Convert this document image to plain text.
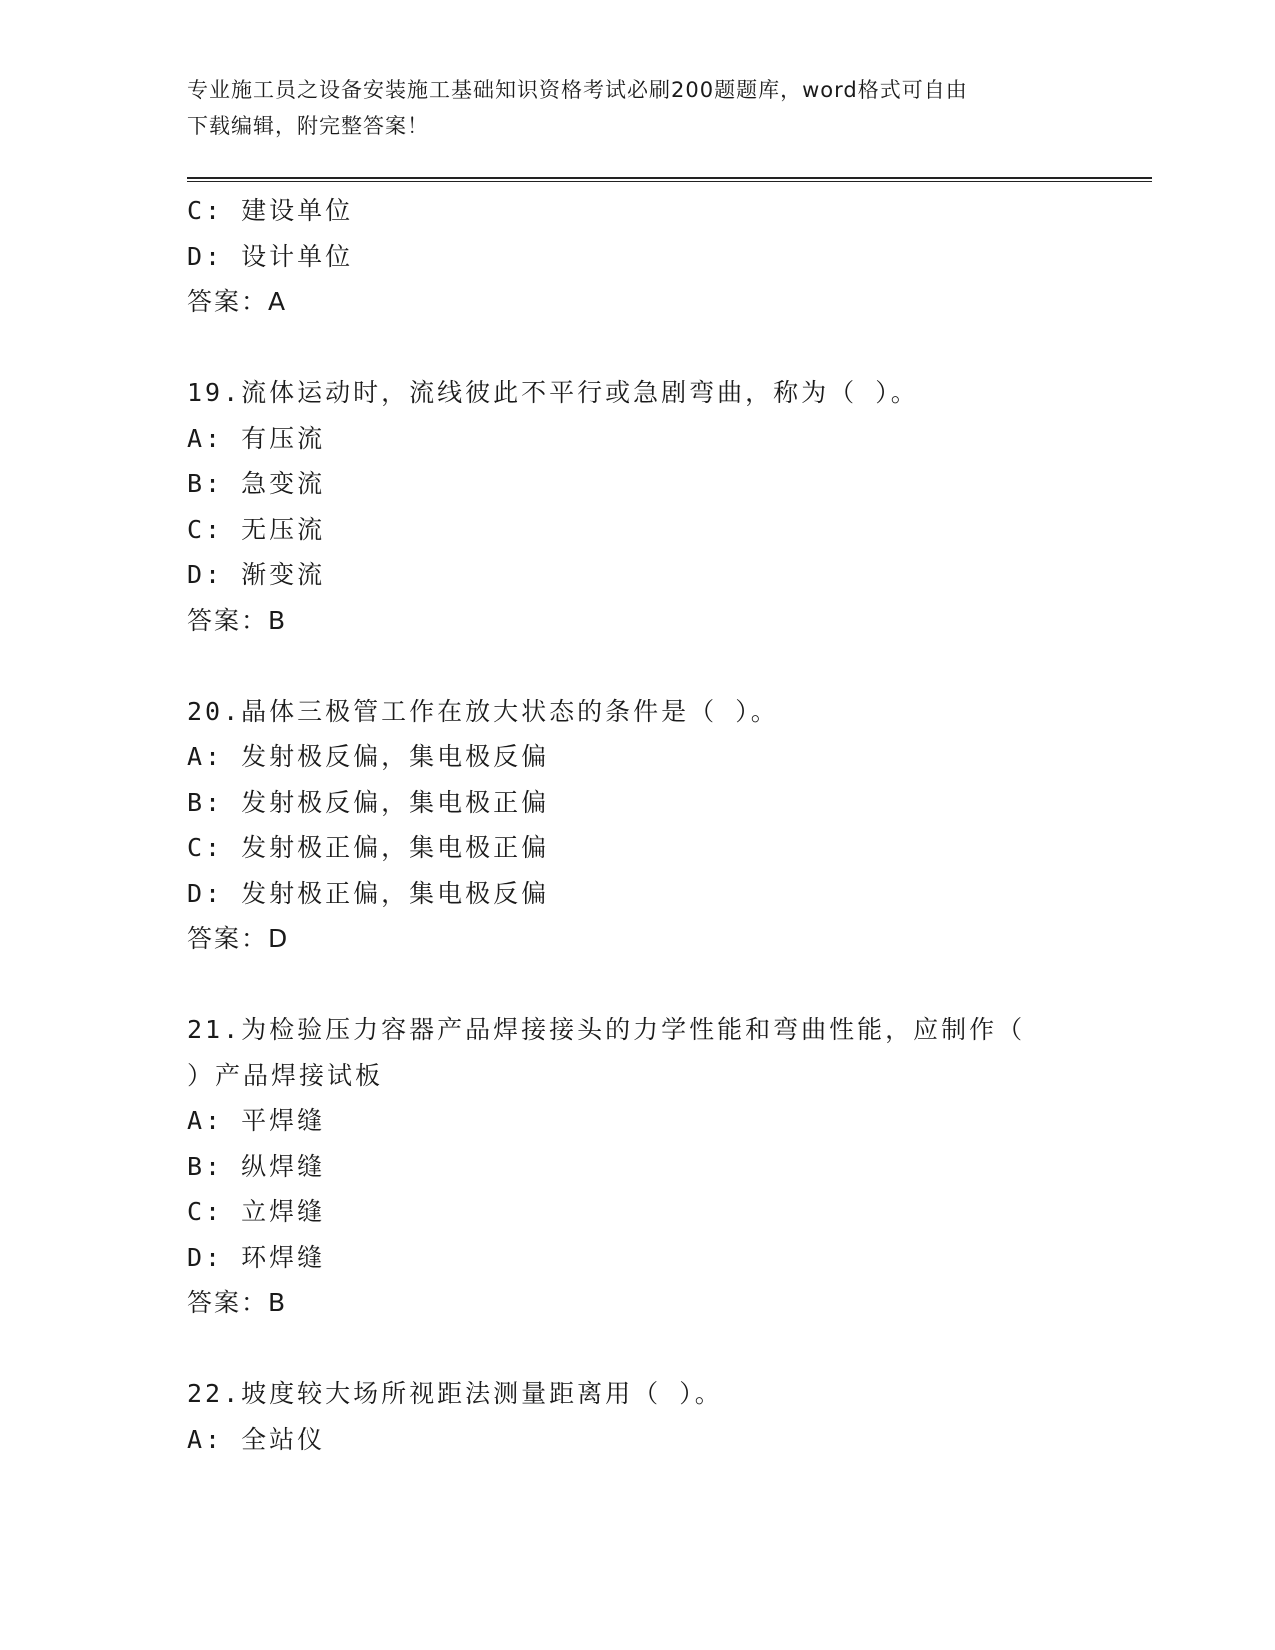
专业施工员之设备安装施工基础知识资格考试必刷200题题库，word格式可自由
下载编辑，附完整答案！
C: 建设单位
D: 设计单位
答案：A
19.流体运动时，流线彼此不平行或急剧弯曲，称为（ ）。
A: 有压流
B: 急变流
C: 无压流
D: 渐变流
答案：B
20.晶体三极管工作在放大状态的条件是（ ）。
A: 发射极反偏，集电极反偏
B: 发射极反偏，集电极正偏
C: 发射极正偏，集电极正偏
D: 发射极正偏，集电极反偏
答案：D
21.为检验压力容器产品焊接接头的力学性能和弯曲性能，应制作（
）产品焊接试板
A: 平焊缝
B: 纵焊缝
C: 立焊缝
D: 环焊缝
答案：B
22.坡度较大场所视距法测量距离用（ ）。
A: 全站仪
